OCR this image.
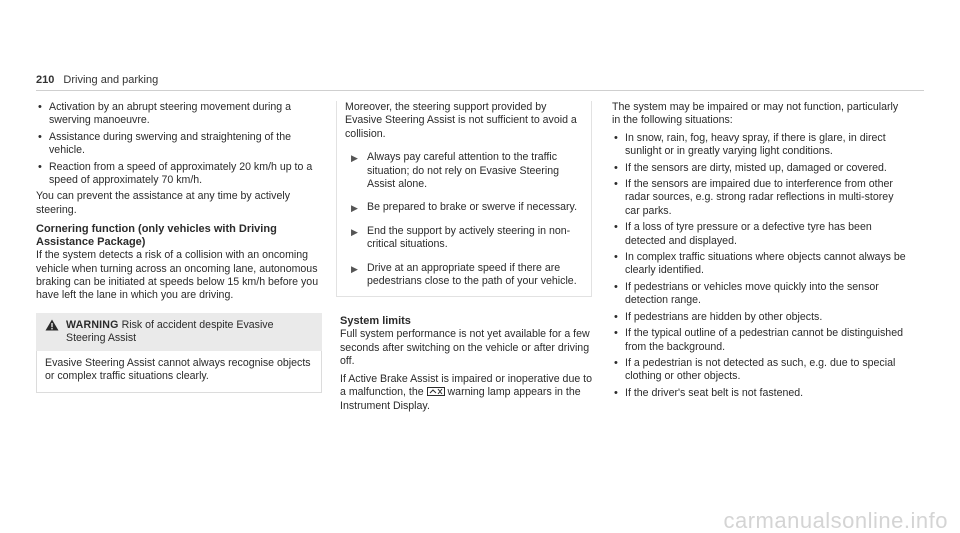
210 Driving and parking
• Activation by an abrupt steering movement during a swerving manoeuvre.
• Assistance during swerving and straightening of the vehicle.
• Reaction from a speed of approximately 20 km/h up to a speed of approximately 70 km/h.

You can prevent the assistance at any time by actively steering.

Cornering function (only vehicles with Driving Assistance Package)

If the system detects a risk of a collision with an oncoming vehicle when turning across an oncoming lane, autonomous braking can be initiated at speeds below 15 km/h before you have left the lane in which you are driving.

WARNING Risk of accident despite Evasive Steering Assist
Evasive Steering Assist cannot always recognise objects or complex traffic situations clearly.

Moreover, the steering support provided by Evasive Steering Assist is not sufficient to avoid a collision.

▶ Always pay careful attention to the traffic situation; do not rely on Evasive Steering Assist alone.
▶ Be prepared to brake or swerve if necessary.
▶ End the support by actively steering in non-critical situations.
▶ Drive at an appropriate speed if there are pedestrians close to the path of your vehicle.
System limits

Full system performance is not yet available for a few seconds after switching on the vehicle or after driving off.

If Active Brake Assist is impaired or inoperative due to a malfunction, the warning lamp appears in the Instrument Display.

The system may be impaired or may not function, particularly in the following situations:

• In snow, rain, fog, heavy spray, if there is glare, in direct sunlight or in greatly varying light conditions.
• If the sensors are dirty, misted up, damaged or covered.
• If the sensors are impaired due to interference from other radar sources, e.g. strong radar reflections in multi-storey car parks.
• If a loss of tyre pressure or a defective tyre has been detected and displayed.
• In complex traffic situations where objects cannot always be clearly identified.
• If pedestrians or vehicles move quickly into the sensor detection range.
• If pedestrians are hidden by other objects.
• If the typical outline of a pedestrian cannot be distinguished from the background.
• If a pedestrian is not detected as such, e.g. due to special clothing or other objects.
• If the driver's seat belt is not fastened.
carmanualsonline.info
